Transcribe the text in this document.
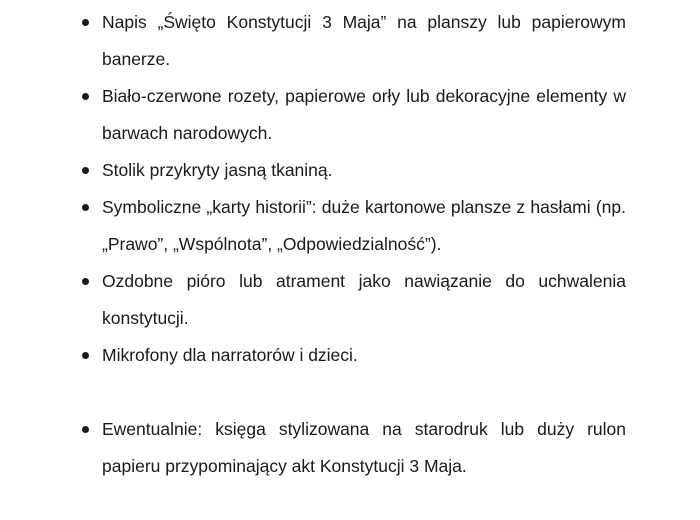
Napis „Święto Konstytucji 3 Maja” na planszy lub papierowym banerze.
Biało-czerwone rozety, papierowe orły lub dekoracyjne elementy w barwach narodowych.
Stolik przykryty jasną tkaniną.
Symboliczne „karty historii”: duże kartonowe plansze z hasłami (np. „Prawo”, „Wspólnota”, „Odpowiedzialność”).
Ozdobne pióro lub atrament jako nawiązanie do uchwalenia konstytucji.
Mikrofony dla narratorów i dzieci.
Ewentualnie: księga stylizowana na starodruk lub duży rulon papieru przypominający akt Konstytucji 3 Maja.
